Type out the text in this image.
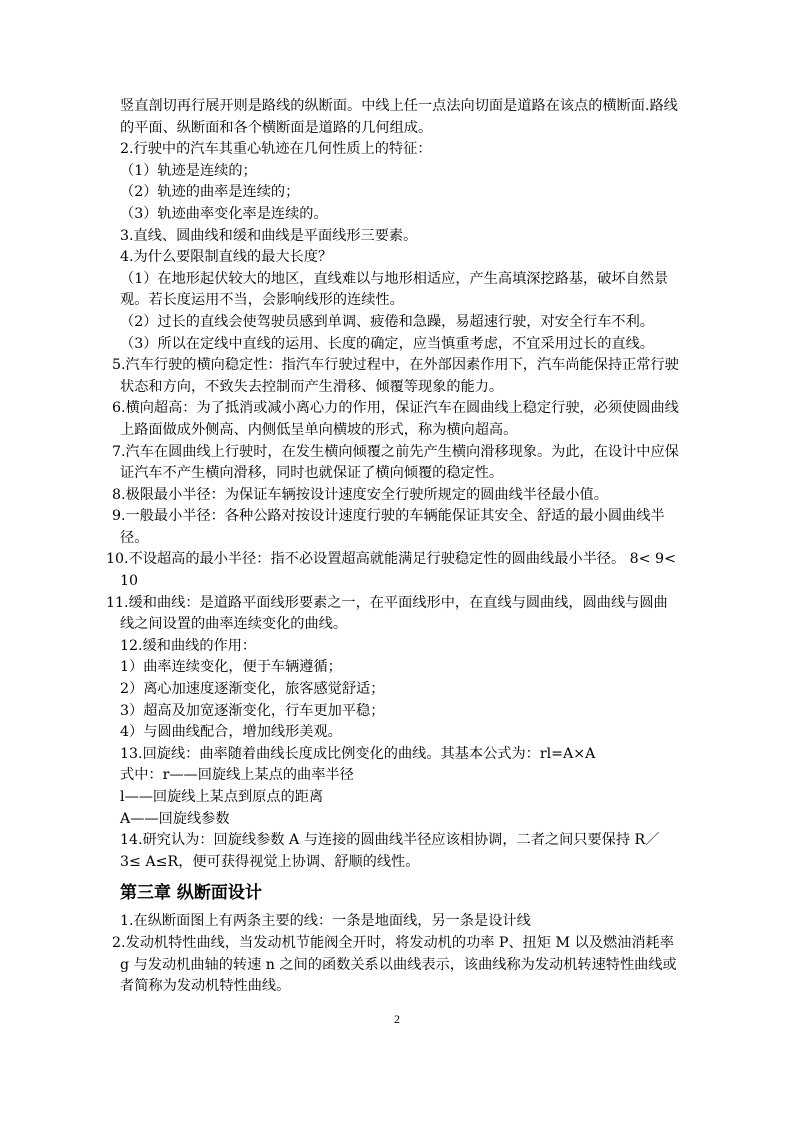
竖直剖切再行展开则是路线的纵断面。中线上任一点法向切面是道路在该点的横断面.路线的平面、纵断面和各个横断面是道路的几何组成。

2.行驶中的汽车其重心轨迹在几何性质上的特征：

（1）轨迹是连续的；

（2）轨迹的曲率是连续的；

（3）轨迹曲率变化率是连续的。

3.直线、圆曲线和缓和曲线是平面线形三要素。

4.为什么要限制直线的最大长度？

（1）在地形起伏较大的地区，直线难以与地形相适应，产生高填深挖路基，破坏自然景观。若长度运用不当，会影响线形的连续性。

（2）过长的直线会使驾驶员感到单调、疲倦和急躁，易超速行驶，对安全行车不利。

（3）所以在定线中直线的运用、长度的确定，应当慎重考虑，不宜采用过长的直线。

5.汽车行驶的横向稳定性：指汽车行驶过程中，在外部因素作用下，汽车尚能保持正常行驶状态和方向，不致失去控制而产生滑移、倾覆等现象的能力。

6.横向超高：为了抵消或减小离心力的作用，保证汽车在圆曲线上稳定行驶，必须使圆曲线上路面做成外侧高、内侧低呈单向横坡的形式，称为横向超高。

7.汽车在圆曲线上行驶时，在发生横向倾覆之前先产生横向滑移现象。为此，在设计中应保证汽车不产生横向滑移，同时也就保证了横向倾覆的稳定性。

8.极限最小半径：为保证车辆按设计速度安全行驶所规定的圆曲线半径最小值。

9.一般最小半径：各种公路对按设计速度行驶的车辆能保证其安全、舒适的最小圆曲线半径。

10.不设超高的最小半径：指不必设置超高就能满足行驶稳定性的圆曲线最小半径。 8< 9< 10

11.缓和曲线：是道路平面线形要素之一，在平面线形中，在直线与圆曲线，圆曲线与圆曲线之间设置的曲率连续变化的曲线。

12.缓和曲线的作用：

1）曲率连续变化，便于车辆遵循；

2）离心加速度逐渐变化，旅客感觉舒适；

3）超高及加宽逐渐变化，行车更加平稳；

4）与圆曲线配合，增加线形美观。

13.回旋线：曲率随着曲线长度成比例变化的曲线。其基本公式为：rl=A×A

式中：r——回旋线上某点的曲率半径

l——回旋线上某点到原点的距离

A——回旋线参数

14.研究认为：回旋线参数 A 与连接的圆曲线半径应该相协调，二者之间只要保持 R／3≤ A≤R，便可获得视觉上协调、舒顺的线性。

第三章 纵断面设计

1.在纵断面图上有两条主要的线：一条是地面线，另一条是设计线

2.发动机特性曲线，当发动机节能阀全开时，将发动机的功率 P、扭矩 M 以及燃油消耗率 g 与发动机曲轴的转速 n 之间的函数关系以曲线表示，该曲线称为发动机转速特性曲线或者简称为发动机特性曲线。

2
